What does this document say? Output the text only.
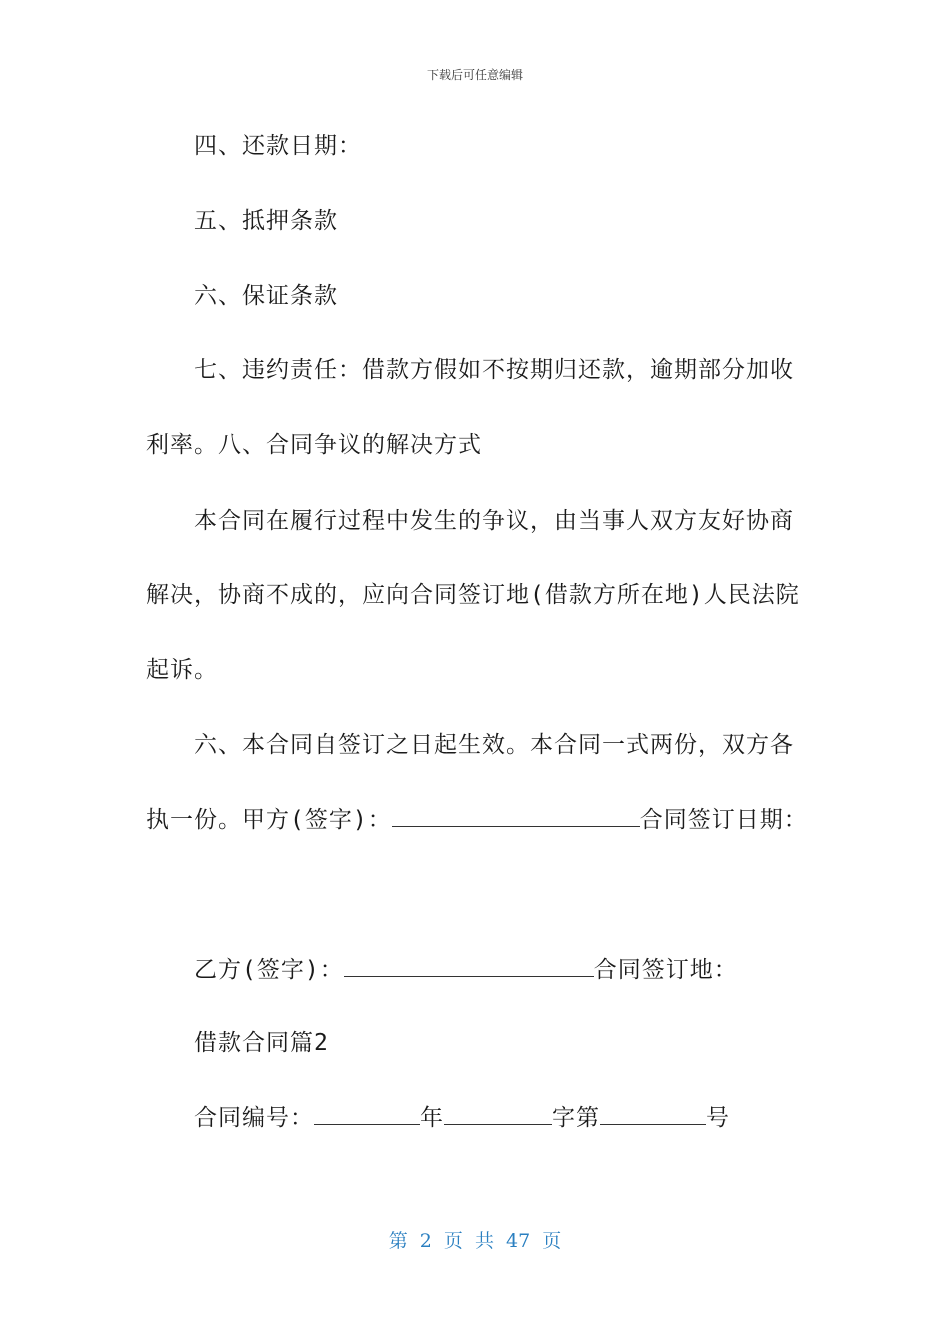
下载后可任意编辑
四、还款日期：
五、抵押条款
六、保证条款
七、违约责任：借款方假如不按期归还款，逾期部分加收
利率。八、合同争议的解决方式
本合同在履行过程中发生的争议，由当事人双方友好协商
解决，协商不成的，应向合同签订地(借款方所在地)人民法院
起诉。
六、本合同自签订之日起生效。本合同一式两份，双方各
执一份。甲方(签字)：	合同签订日期：
乙方(签字)：	合同签订地：
借款合同篇2
合同编号：	年	字第	号
第 2 页 共 47 页
